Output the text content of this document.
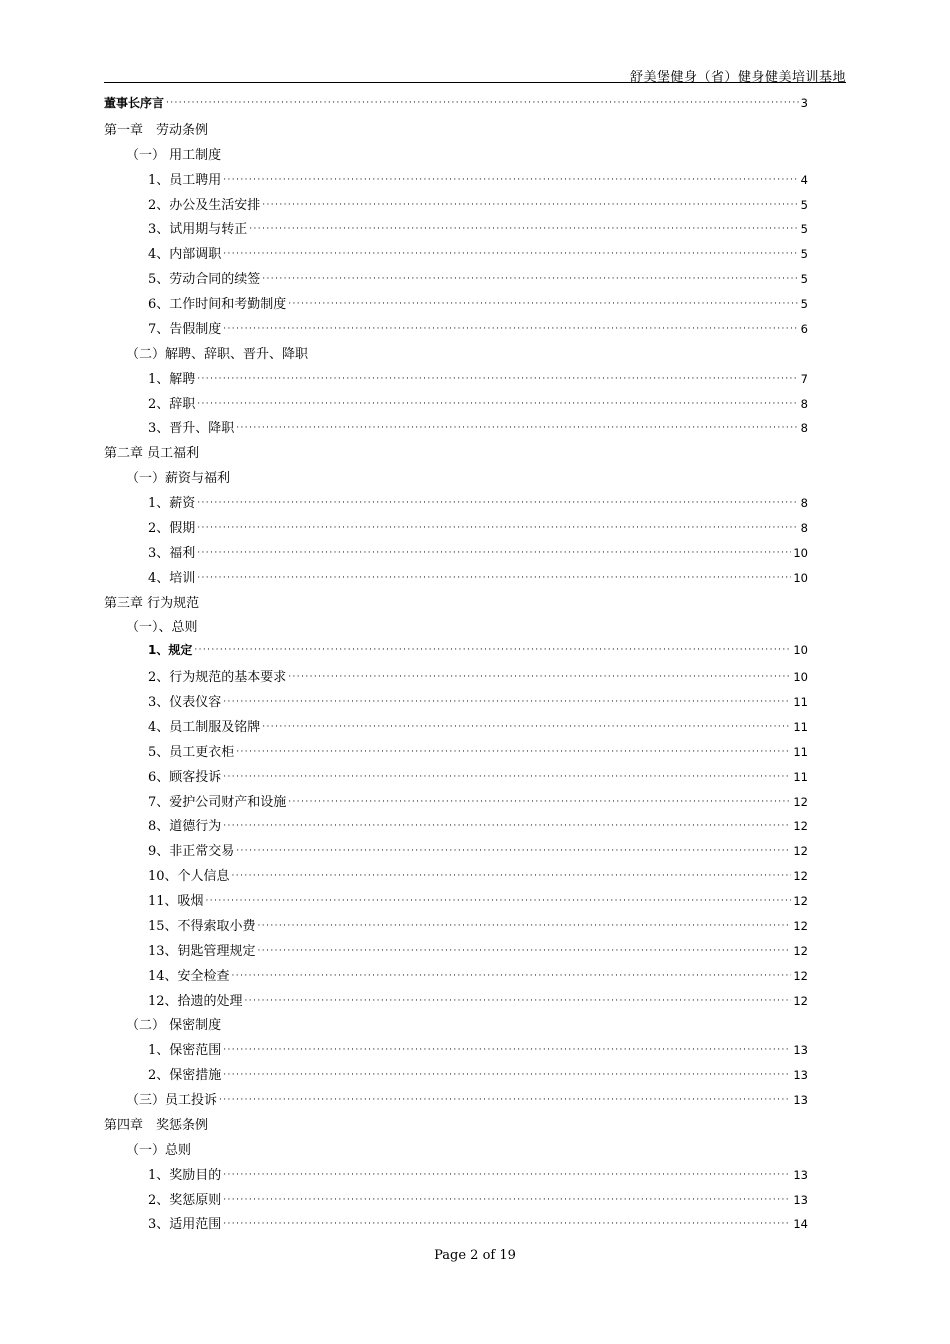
舒美堡健身（省）健身健美培训基地
董事长序言 ·····	3
第一章　劳动条例
（一） 用工制度
1、员工聘用 ·····	4
2、办公及生活安排 ·····	5
3、试用期与转正 ·····	5
4、内部调职 ·····	5
5、劳动合同的续签 ·····	5
6、工作时间和考勤制度 ·····	5
7、告假制度 ·····	6
（二）解聘、辞职、晋升、降职
1、解聘 ·····	7
2、辞职 ·····	8
3、晋升、降职 ·····	8
第二章 员工福利
（一）薪资与福利
1、薪资 ·····	8
2、假期 ·····	8
3、福利 ·····	10
4、培训 ·····	10
第三章 行为规范
（一）、总则
1、规定 ·····	10
2、行为规范的基本要求 ·····	10
3、仪表仪容 ·····	11
4、员工制服及铭牌 ·····	11
5、员工更衣柜 ·····	11
6、顾客投诉 ·····	11
7、爱护公司财产和设施 ·····	12
8、道德行为 ·····	12
9、非正常交易 ·····	12
10、个人信息 ·····	12
11、吸烟 ·····	12
15、不得索取小费 ·····	12
13、钥匙管理规定 ·····	12
14、安全检查 ·····	12
12、拾遗的处理 ·····	12
（二） 保密制度
1、保密范围 ·····	13
2、保密措施 ·····	13
（三）员工投诉 ·····	13
第四章　奖惩条例
（一）总则
1、奖励目的 ·····	13
2、奖惩原则 ·····	13
3、适用范围 ·····	14
Page 2 of 19
